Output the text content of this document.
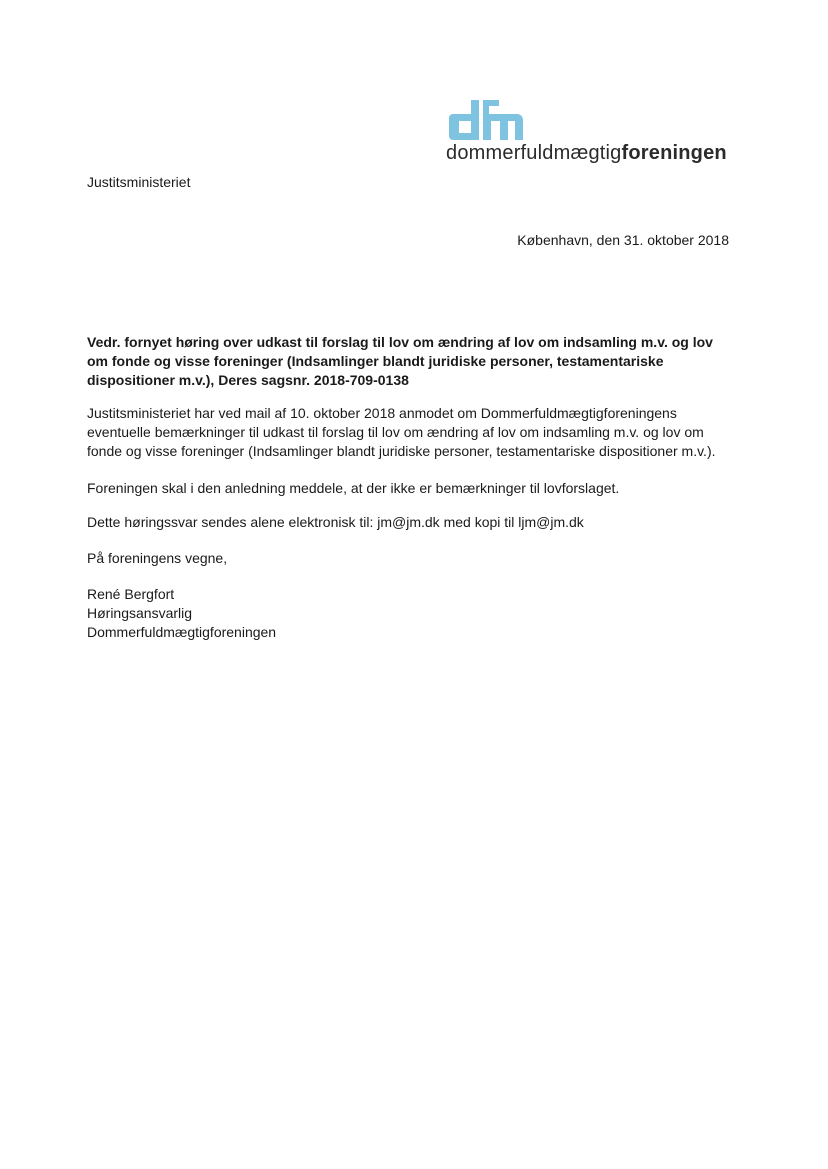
dommerfuldmægtigforeningen
Justitsministeriet
København, den 31. oktober 2018
Vedr. fornyet høring over udkast til forslag til lov om ændring af lov om indsamling m.v. og lov om fonde og visse foreninger (Indsamlinger blandt juridiske personer, testamentariske dispositioner m.v.), Deres sagsnr. 2018-709-0138
Justitsministeriet har ved mail af 10. oktober 2018 anmodet om Dommerfuldmægtigforeningens eventuelle bemærkninger til udkast til forslag til lov om ændring af lov om indsamling m.v. og lov om fonde og visse foreninger (Indsamlinger blandt juridiske personer, testamentariske dispositioner m.v.).
Foreningen skal i den anledning meddele, at der ikke er bemærkninger til lovforslaget.
Dette høringssvar sendes alene elektronisk til: jm@jm.dk med kopi til ljm@jm.dk
På foreningens vegne,
René Bergfort
Høringsansvarlig
Dommerfuldmægtigforeningen
